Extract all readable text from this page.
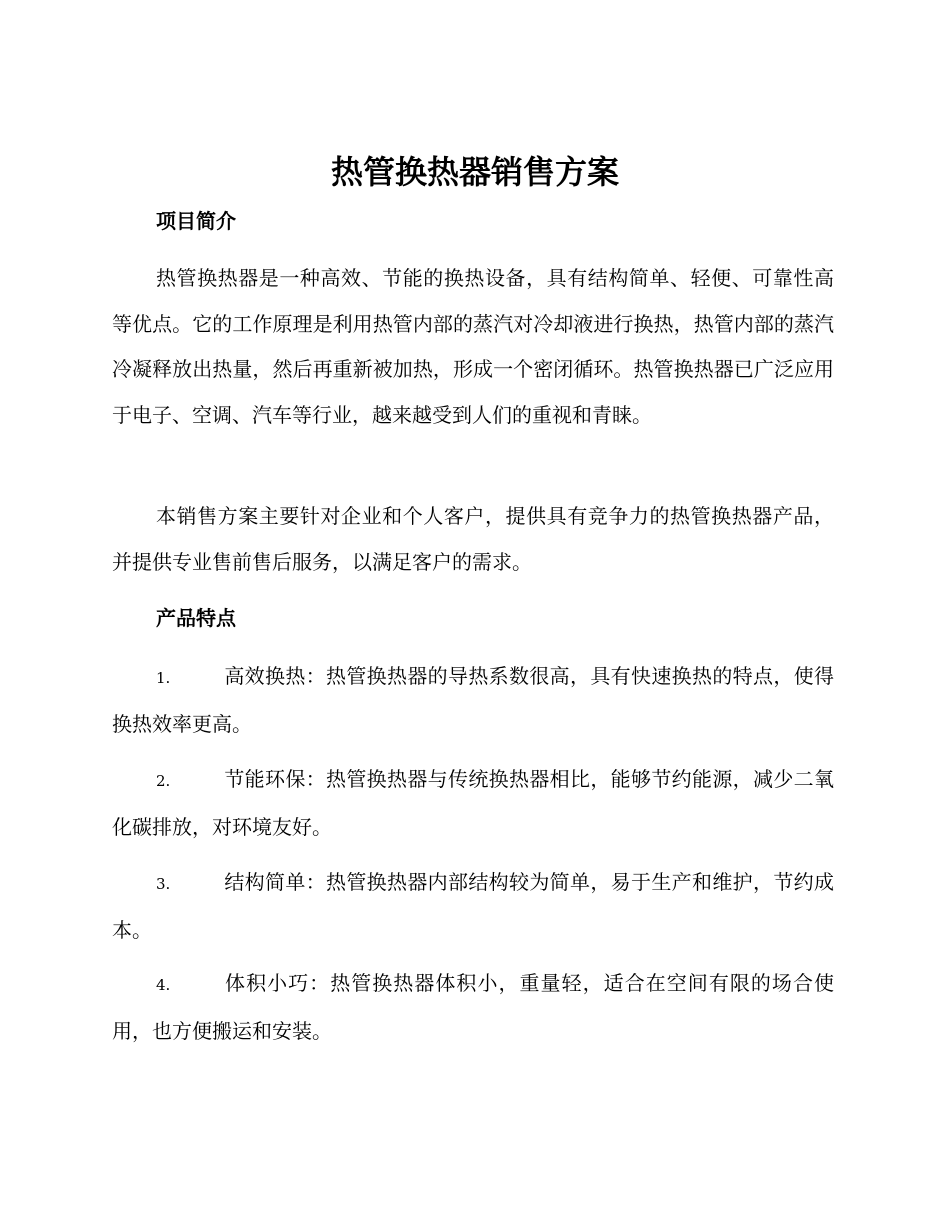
热管换热器销售方案
项目简介

热管换热器是一种高效、节能的换热设备，具有结构简单、轻便、可靠性高等优点。它的工作原理是利用热管内部的蒸汽对冷却液进行换热，热管内部的蒸汽冷凝释放出热量，然后再重新被加热，形成一个密闭循环。热管换热器已广泛应用于电子、空调、汽车等行业，越来越受到人们的重视和青睐。

本销售方案主要针对企业和个人客户，提供具有竞争力的热管换热器产品，并提供专业售前售后服务，以满足客户的需求。

产品特点

1.	高效换热：热管换热器的导热系数很高，具有快速换热的特点，使得换热效率更高。

2.	节能环保：热管换热器与传统换热器相比，能够节约能源，减少二氧化碳排放，对环境友好。

3.	结构简单：热管换热器内部结构较为简单，易于生产和维护，节约成本。

4.	体积小巧：热管换热器体积小，重量轻，适合在空间有限的场合使用，也方便搬运和安装。
